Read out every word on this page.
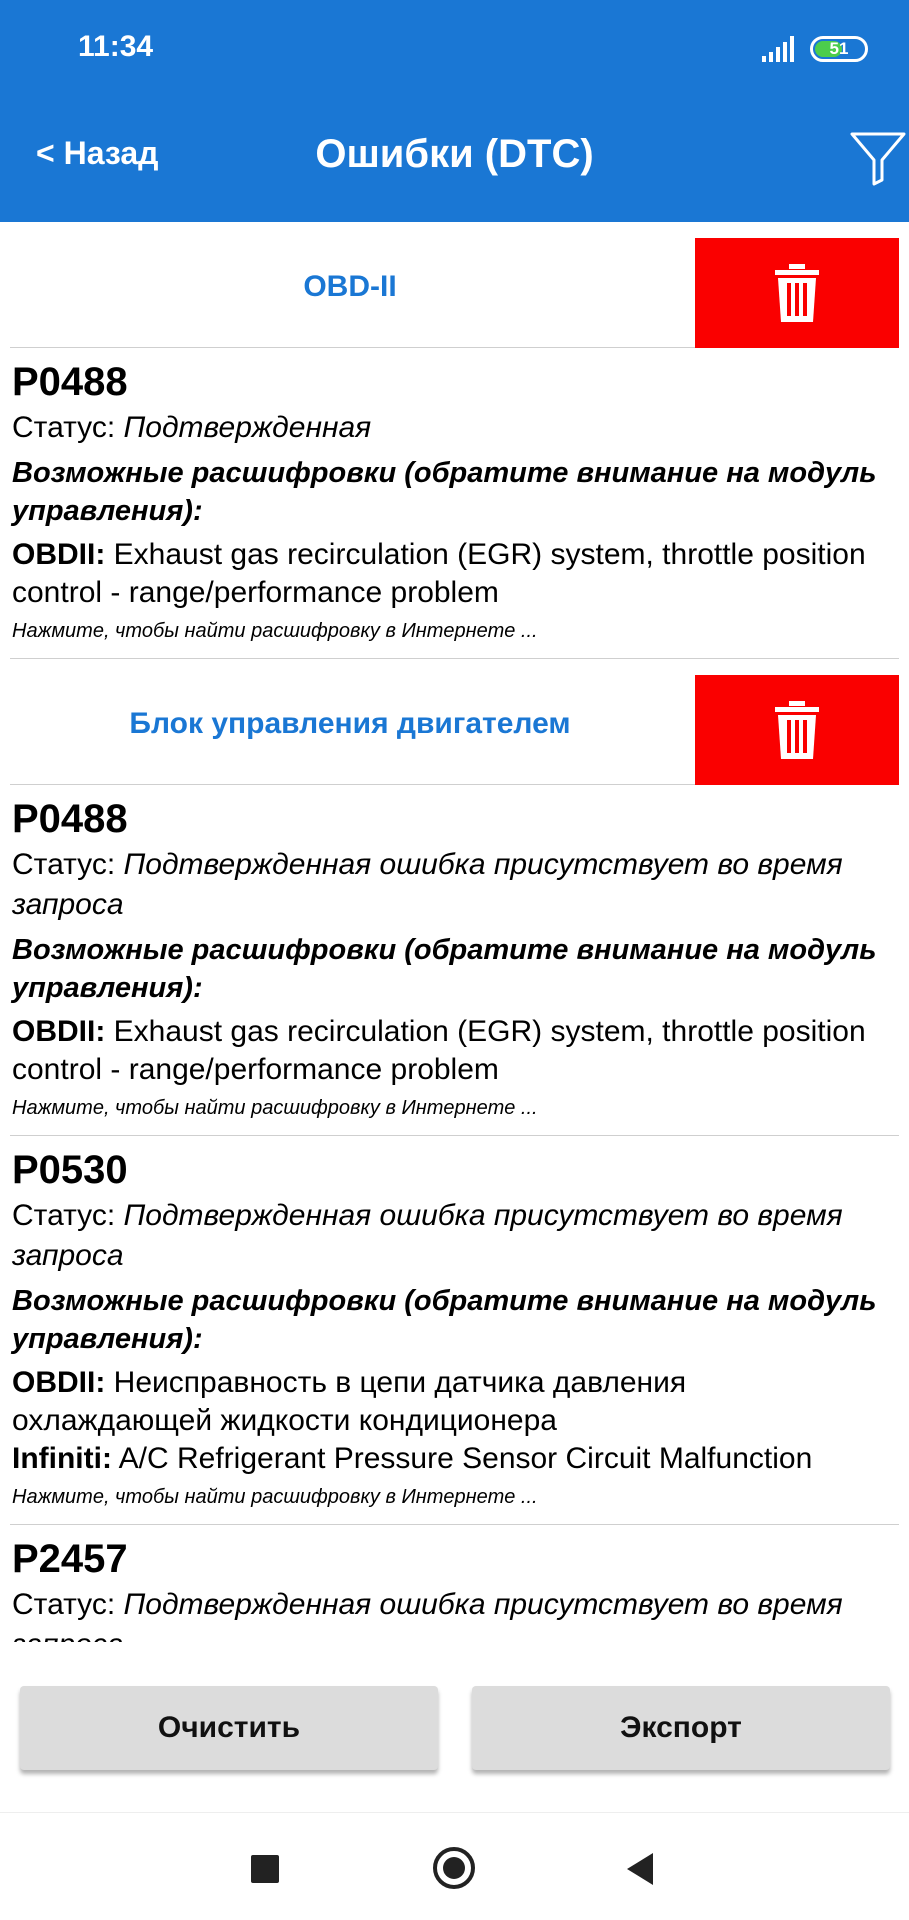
11:34	51
< Назад	Ошибки (DTC)
OBD-II
P0488
Статус: Подтвержденная
Возможные расшифровки (обратите внимание на модуль управления):
OBDII: Exhaust gas recirculation (EGR) system, throttle position control - range/performance problem
Нажмите, чтобы найти расшифровку в Интернете ...
Блок управления двигателем
P0488
Статус: Подтвержденная ошибка присутствует во время запроса
Возможные расшифровки (обратите внимание на модуль управления):
OBDII: Exhaust gas recirculation (EGR) system, throttle position control - range/performance problem
Нажмите, чтобы найти расшифровку в Интернете ...
P0530
Статус: Подтвержденная ошибка присутствует во время запроса
Возможные расшифровки (обратите внимание на модуль управления):
OBDII: Неисправность в цепи датчика давления охлаждающей жидкости кондиционера
Infiniti: A/C Refrigerant Pressure Sensor Circuit Malfunction
Нажмите, чтобы найти расшифровку в Интернете ...
P2457
Статус: Подтвержденная ошибка присутствует во время
Очистить	Экспорт
